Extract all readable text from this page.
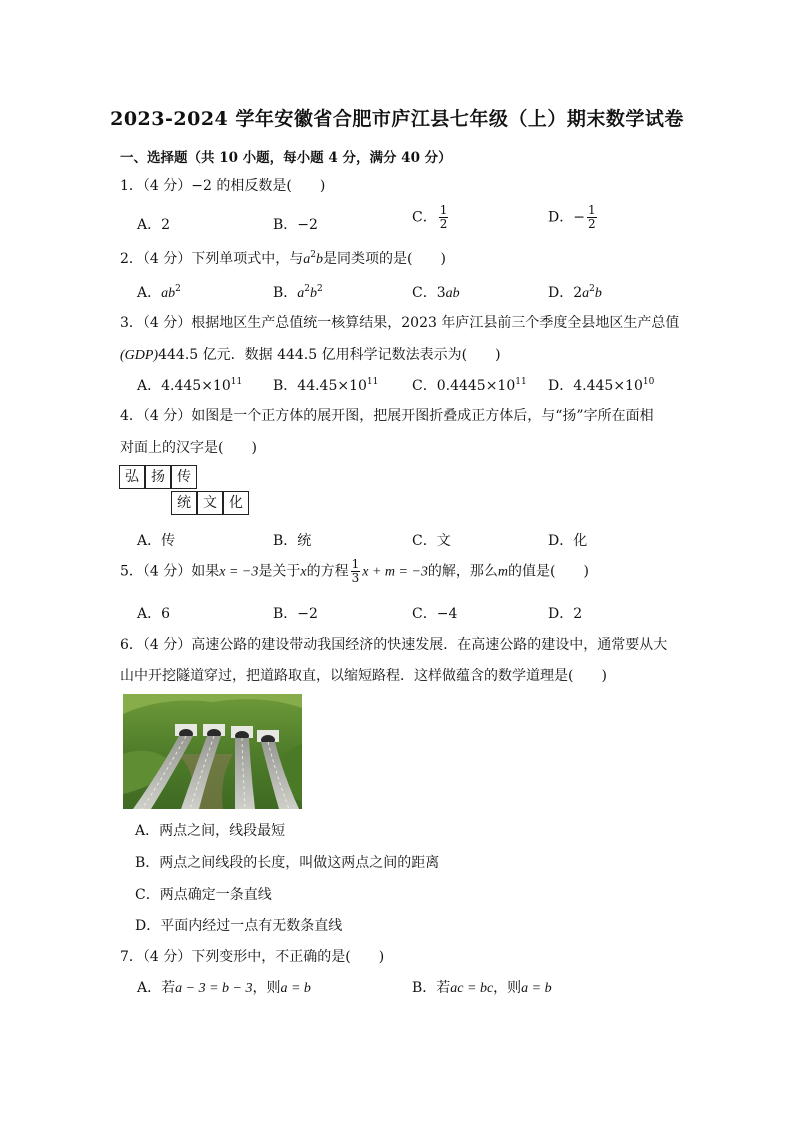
2023-2024 学年安徽省合肥市庐江县七年级（上）期末数学试卷
一、选择题（共 10 小题，每小题 4 分，满分 40 分）
1．（4 分）−2 的相反数是(　　)
A．2	B．−2	C． $\frac{1}{2}$	D．− $\frac{1}{2}$
2．（4 分）下列单项式中，与$a^2b$是同类项的是(　　)
A．$ab^2$	B．$a^2b^2$	C．3ab	D．$2a^2b$
3．（4 分）根据地区生产总值统一核算结果，2023 年庐江县前三个季度全县地区生产总值
(GDP)444.5 亿元．数据 444.5 亿用科学记数法表示为(　　)
A．$4.445\times 10^{11}$ B．$44.45\times 10^{11}$ C．$0.4445\times 10^{11}$ D．$4.445\times 10^{10}$
4．（4 分）如图是一个正方体的展开图，把展开图折叠成正方体后，与“扬”字所在面相
对面上的汉字是(　　)
弘 扬 传
统 文 化
A．传	B．统	C．文	D．化
5．（4 分）如果x = −3是关于x的方程 $\frac{1}{3}$ x + m = −3的解，那么m的值是(　　)
A．6	B．−2	C．−4	D．2
6．（4 分）高速公路的建设带动我国经济的快速发展．在高速公路的建设中，通常要从大
山中开挖隧道穿过，把道路取直，以缩短路程．这样做蕴含的数学道理是(　　)
A．两点之间，线段最短
B．两点之间线段的长度，叫做这两点之间的距离
C．两点确定一条直线
D．平面内经过一点有无数条直线
7．（4 分）下列变形中，不正确的是(　　)
A．若a − 3 = b − 3，则a = b	B．若ac = bc，则a = b
